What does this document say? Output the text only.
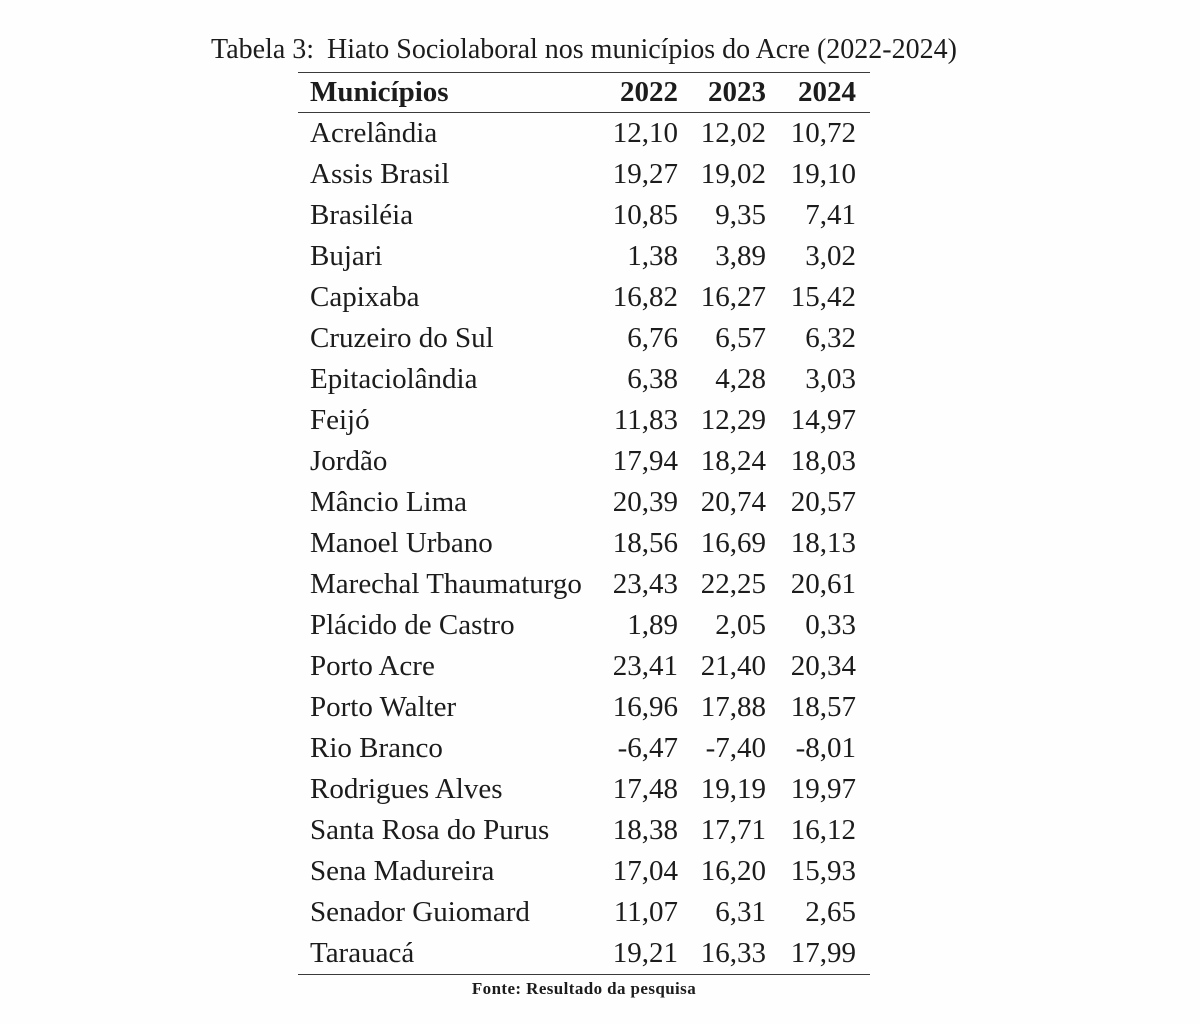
Tabela 3: Hiato Sociolaboral nos municípios do Acre (2022-2024)
Municípios	2022	2023	2024
Acrelândia	12,10	12,02	10,72
Assis Brasil	19,27	19,02	19,10
Brasiléia	10,85	9,35	7,41
Bujari	1,38	3,89	3,02
Capixaba	16,82	16,27	15,42
Cruzeiro do Sul	6,76	6,57	6,32
Epitaciolândia	6,38	4,28	3,03
Feijó	11,83	12,29	14,97
Jordão	17,94	18,24	18,03
Mâncio Lima	20,39	20,74	20,57
Manoel Urbano	18,56	16,69	18,13
Marechal Thaumaturgo	23,43	22,25	20,61
Plácido de Castro	1,89	2,05	0,33
Porto Acre	23,41	21,40	20,34
Porto Walter	16,96	17,88	18,57
Rio Branco	-6,47	-7,40	-8,01
Rodrigues Alves	17,48	19,19	19,97
Santa Rosa do Purus	18,38	17,71	16,12
Sena Madureira	17,04	16,20	15,93
Senador Guiomard	11,07	6,31	2,65
Tarauacá	19,21	16,33	17,99
Fonte: Resultado da pesquisa
